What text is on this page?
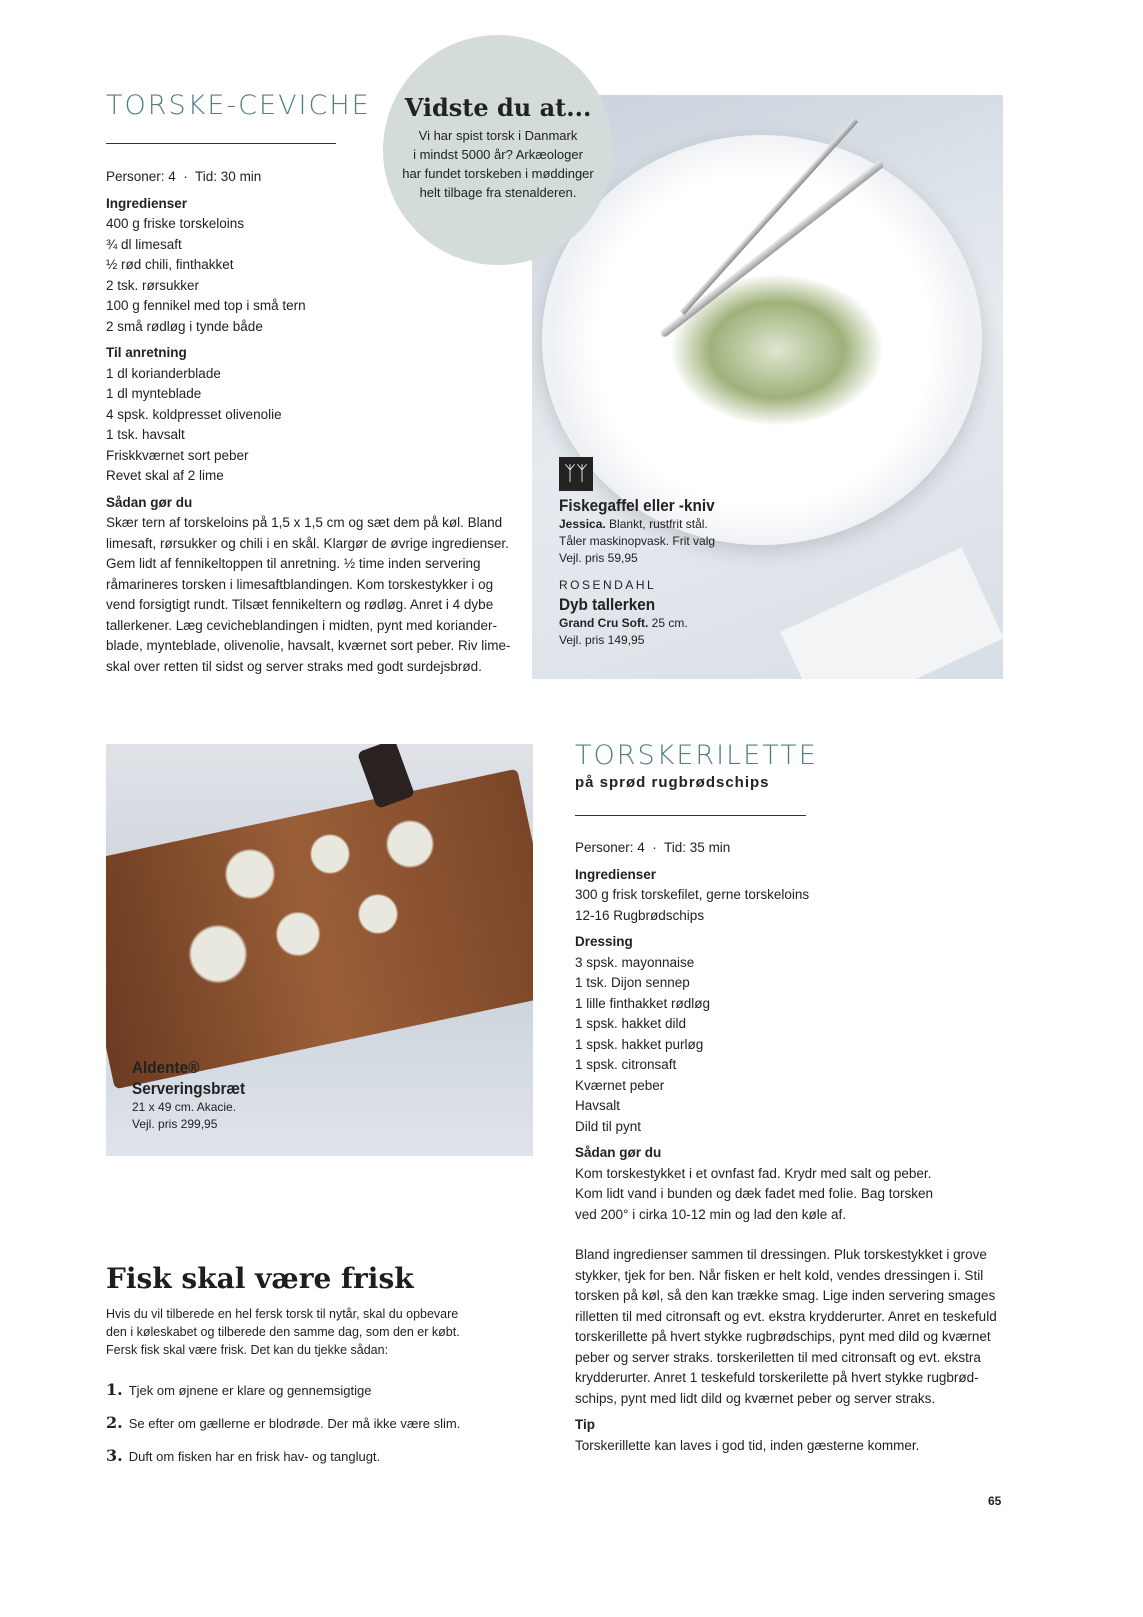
TORSKE-CEVICHE
Personer: 4  ·  Tid: 30 min
Ingredienser
400 g friske torskeloins
¾ dl limesaft
½ rød chili, finthakket
2 tsk. rørsukker
100 g fennikel med top i små tern
2 små rødløg i tynde både
Til anretning
1 dl korianderblade
1 dl mynteblade
4 spsk. koldpresset olivenolie
1 tsk. havsalt
Friskkværnet sort peber
Revet skal af 2 lime
Sådan gør du
Skær tern af torskeloins på 1,5 x 1,5 cm og sæt dem på køl. Bland
limesaft, rørsukker og chili i en skål. Klargør de øvrige ingredienser.
Gem lidt af fennikeltoppen til anretning. ½ time inden servering
råmarineres torsken i limesaftblandingen. Kom torskestykker i og
vend forsigtigt rundt. Tilsæt fennikeltern og rødløg. Anret i 4 dybe
tallerkener. Læg cevicheblandingen i midten, pynt med koriander-
blade, mynteblade, olivenolie, havsalt, kværnet sort peber. Riv lime-
skal over retten til sidst og server straks med godt surdejsbrød.
ᛉᛉ
Fiskegaffel eller -kniv
Jessica. Blankt, rustfrit stål.
Tåler maskinopvask. Frit valg
Vejl. pris 59,95
ROSENDAHL
Dyb tallerken
Grand Cru Soft. 25 cm.
Vejl. pris 149,95
Vidste du at...
Vi har spist torsk i Danmark
i mindst 5000 år? Arkæologer
har fundet torskeben i møddinger
helt tilbage fra stenalderen.
Aldente®
Serveringsbræt
21 x 49 cm. Akacie.
Vejl. pris 299,95
TORSKERILETTE
på sprød rugbrødschips
Personer: 4  ·  Tid: 35 min
Ingredienser
300 g frisk torskefilet, gerne torskeloins
12-16 Rugbrødschips
Dressing
3 spsk. mayonnaise
1 tsk. Dijon sennep
1 lille finthakket rødløg
1 spsk. hakket dild
1 spsk. hakket purløg
1 spsk. citronsaft
Kværnet peber
Havsalt
Dild til pynt
Sådan gør du
Kom torskestykket i et ovnfast fad. Krydr med salt og peber.
Kom lidt vand i bunden og dæk fadet med folie. Bag torsken
ved 200° i cirka 10-12 min og lad den køle af.
Bland ingredienser sammen til dressingen. Pluk torskestykket i grove
stykker, tjek for ben. Når fisken er helt kold, vendes dressingen i. Stil
torsken på køl, så den kan trække smag. Lige inden servering smages
rilletten til med citronsaft og evt. ekstra krydderurter. Anret en teskefuld
torskerillette på hvert stykke rugbrødschips, pynt med dild og kværnet
peber og server straks. torskeriletten til med citronsaft og evt. ekstra
krydderurter. Anret 1 teskefuld torskerilette på hvert stykke rugbrød-
schips, pynt med lidt dild og kværnet peber og server straks.
Tip
Torskerillette kan laves i god tid, inden gæsterne kommer.
Fisk skal være frisk
Hvis du vil tilberede en hel fersk torsk til nytår, skal du opbevare
den i køleskabet og tilberede den samme dag, som den er købt.
Fersk fisk skal være frisk. Det kan du tjekke sådan:
1. Tjek om øjnene er klare og gennemsigtige
2. Se efter om gællerne er blodrøde. Der må ikke være slim.
3. Duft om fisken har en frisk hav- og tanglugt.
65
